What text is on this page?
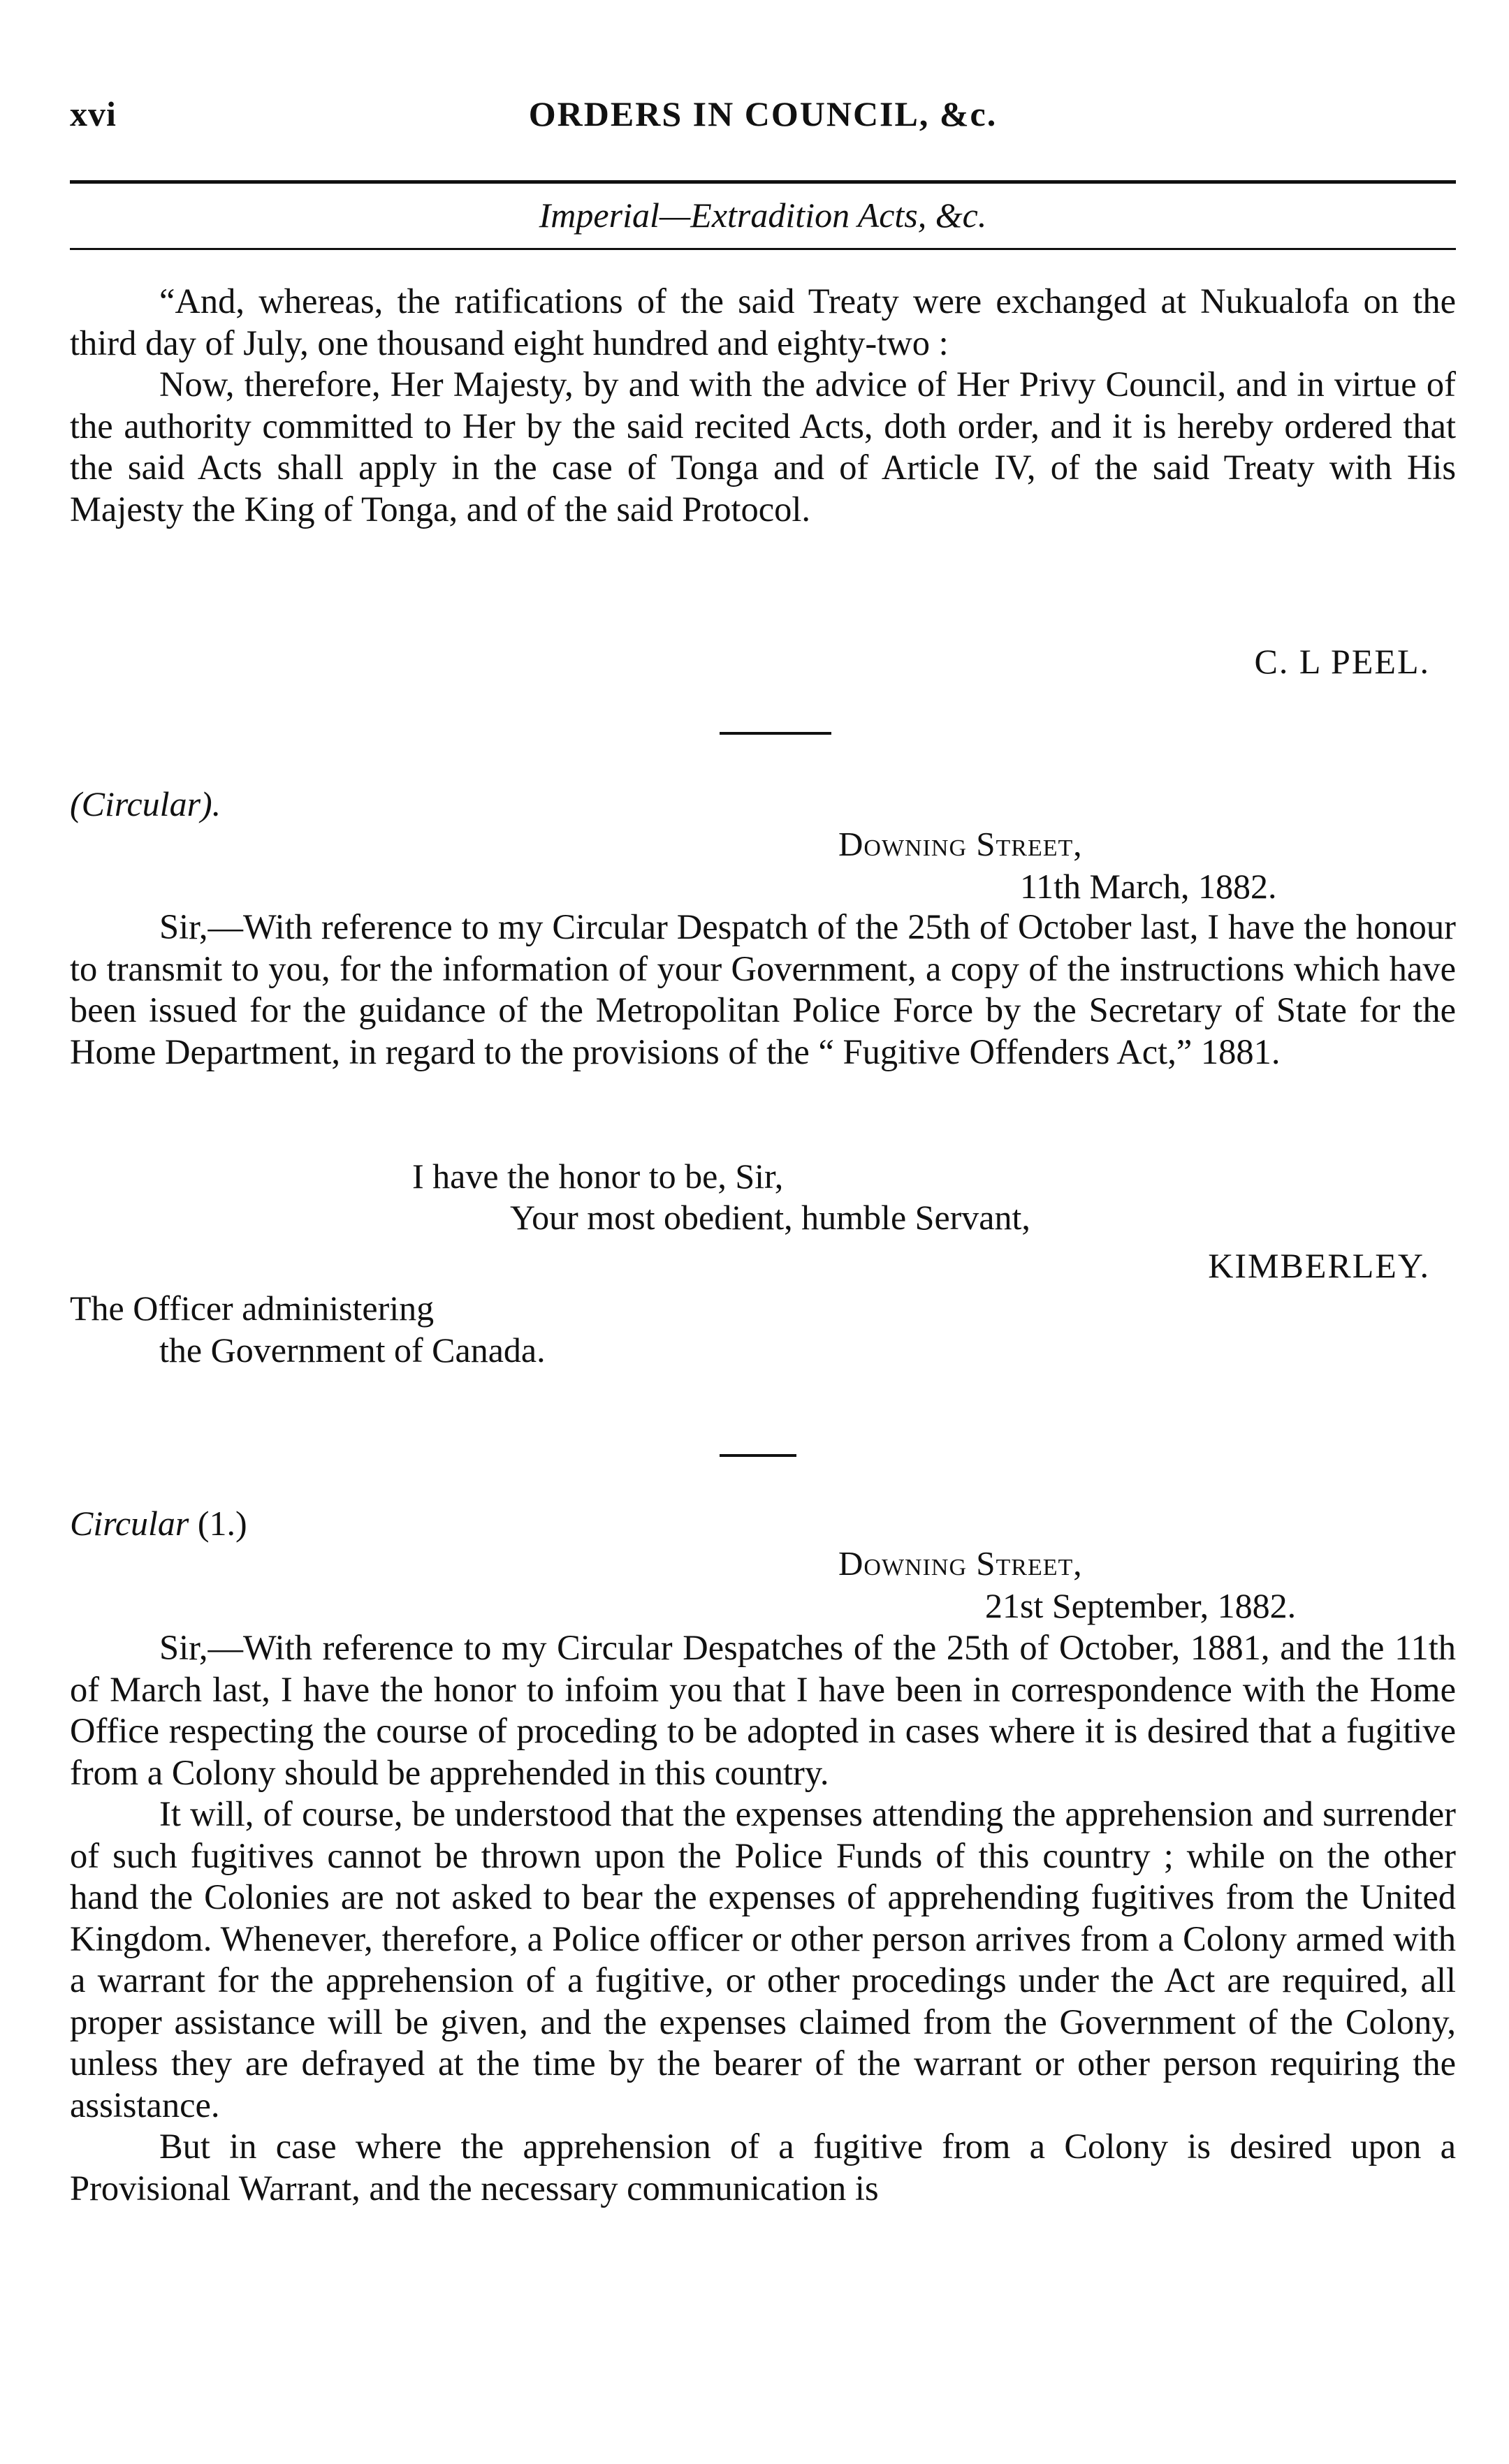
xvi	ORDERS IN COUNCIL, &c.
Imperial—Extradition Acts, &c.

“And, whereas, the ratifications of the said Treaty were exchanged at Nukualofa on the third day of July, one thousand eight hundred and eighty-two :

Now, therefore, Her Majesty, by and with the advice of Her Privy Council, and in virtue of the authority committed to Her by the said recited Acts, doth order, and it is hereby ordered that the said Acts shall apply in the case of Tonga and of Article IV, of the said Treaty with His Majesty the King of Tonga, and of the said Protocol.

C. L PEEL.
(Circular).
Downing Street,
11th March, 1882.

Sir,—With reference to my Circular Despatch of the 25th of October last, I have the honour to transmit to you, for the information of your Government, a copy of the instructions which have been issued for the guidance of the Metropolitan Police Force by the Secretary of State for the Home Department, in regard to the provisions of the “ Fugitive Offenders Act,” 1881.

I have the honor to be, Sir,
Your most obedient, humble Servant,
KIMBERLEY.
The Officer administering
the Government of Canada.
Circular (1.)
Downing Street,
21st September, 1882.

Sir,—With reference to my Circular Despatches of the 25th of October, 1881, and the 11th of March last, I have the honor to infoim you that I have been in correspondence with the Home Office respecting the course of proceding to be adopted in cases where it is desired that a fugitive from a Colony should be apprehended in this country.

It will, of course, be understood that the expenses attending the apprehension and surrender of such fugitives cannot be thrown upon the Police Funds of this country ; while on the other hand the Colonies are not asked to bear the expenses of apprehending fugitives from the United Kingdom. Whenever, therefore, a Police officer or other person arrives from a Colony armed with a warrant for the apprehension of a fugitive, or other procedings under the Act are required, all proper assistance will be given, and the expenses claimed from the Government of the Colony, unless they are defrayed at the time by the bearer of the warrant or other person requiring the assistance.

But in case where the apprehension of a fugitive from a Colony is desired upon a Provisional Warrant, and the necessary communication is
